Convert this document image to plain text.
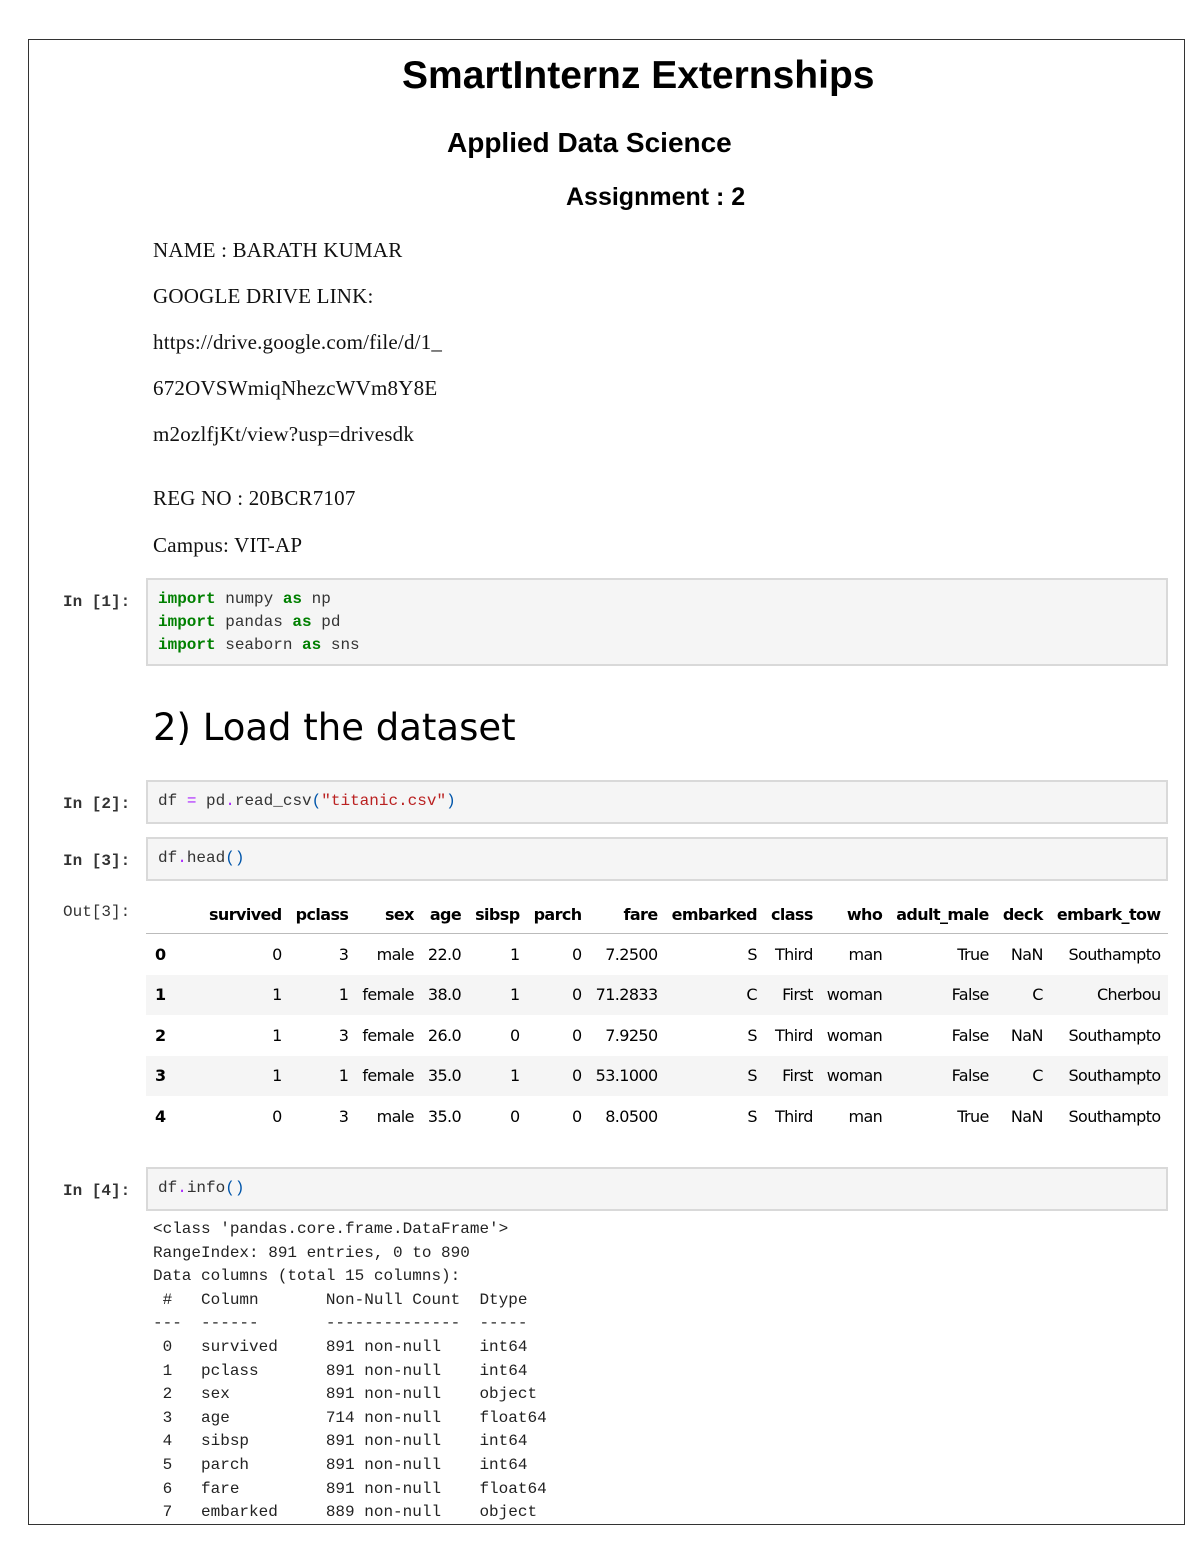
SmartInternz Externships
Applied Data Science
Assignment : 2
NAME : BARATH KUMAR
GOOGLE DRIVE LINK:
https://drive.google.com/file/d/1_
672OVSWmiqNhezcWVm8Y8E
m2ozlfjKt/view?usp=drivesdk
REG NO : 20BCR7107
Campus: VIT-AP
In [1]:	import numpy as np
import pandas as pd
import seaborn as sns
2) Load the dataset
In [2]:	df = pd.read_csv("titanic.csv")
In [3]:	df.head()
Out[3]:
		survived	pclass	sex	age	sibsp	parch	fare	embarked	class	who	adult_male	deck	embark_tow
0	0	3	male	22.0	1	0	7.2500	S	Third	man	True	NaN	Southampto
1	1	1	female	38.0	1	0	71.2833	C	First	woman	False	C	Cherbou
2	1	3	female	26.0	0	0	7.9250	S	Third	woman	False	NaN	Southampto
3	1	1	female	35.0	1	0	53.1000	S	First	woman	False	C	Southampto
4	0	3	male	35.0	0	0	8.0500	S	Third	man	True	NaN	Southampto
In [4]:	df.info()
<class 'pandas.core.frame.DataFrame'>
RangeIndex: 891 entries, 0 to 890
Data columns (total 15 columns):
#   Column       Non-Null Count  Dtype
---  ------       --------------  -----
0   survived     891 non-null    int64
1   pclass       891 non-null    int64
2   sex          891 non-null    object
3   age          714 non-null    float64
4   sibsp        891 non-null    int64
5   parch        891 non-null    int64
6   fare         891 non-null    float64
7   embarked     889 non-null    object
